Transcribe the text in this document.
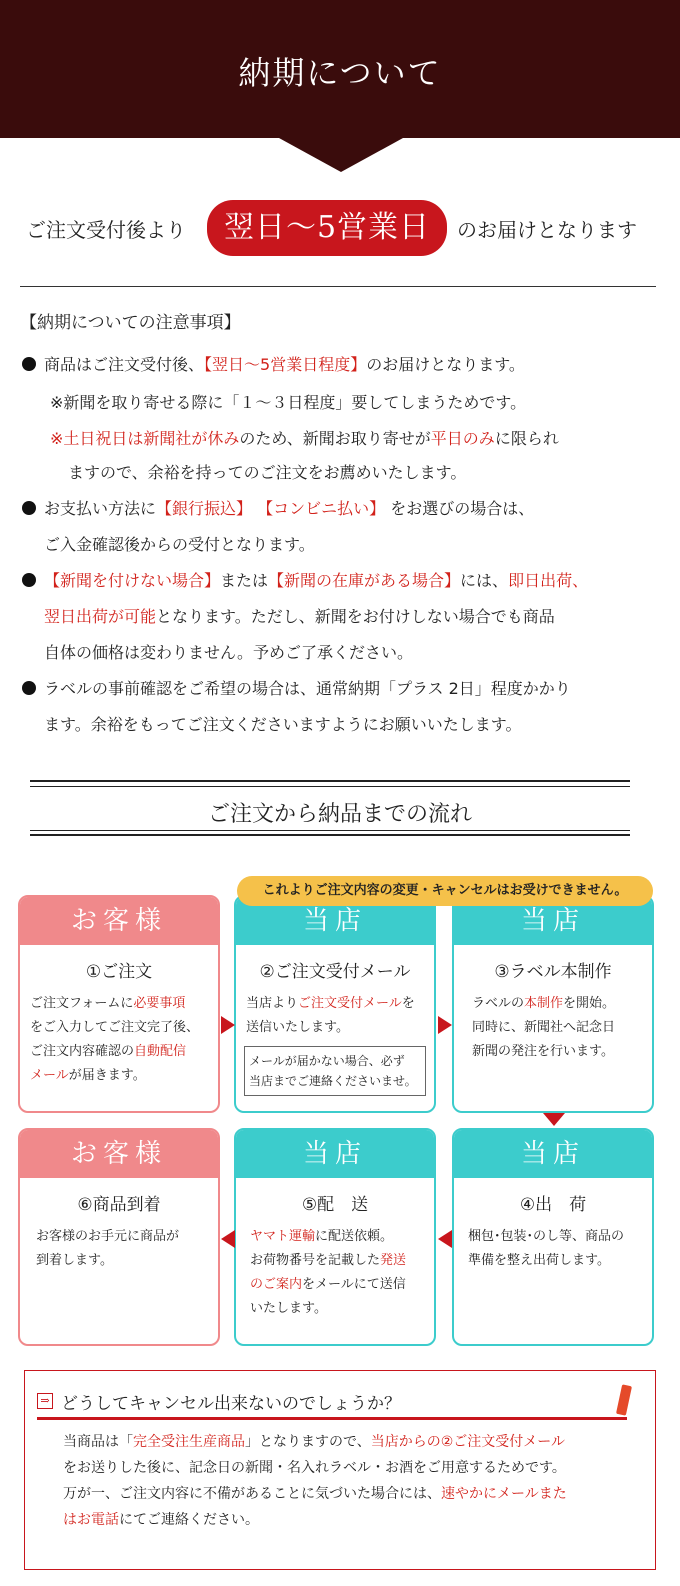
納期について
ご注文受付後より	翌日〜5営業日	のお届けとなります
【納期についての注意事項】
商品はご注文受付後、【翌日〜5営業日程度】のお届けとなります。
※新聞を取り寄せる際に「１〜３日程度」要してしまうためです。
※土日祝日は新聞社が休みのため、新聞お取り寄せが平日のみに限られ
ますので、余裕を持ってのご注文をお薦めいたします。
お支払い方法に【銀行振込】 【コンビニ払い】 をお選びの場合は、
ご入金確認後からの受付となります。
【新聞を付けない場合】または【新聞の在庫がある場合】には、即日出荷、
翌日出荷が可能となります。ただし、新聞をお付けしない場合でも商品
自体の価格は変わりません。予めご了承ください。
ラベルの事前確認をご希望の場合は、通常納期「プラス 2日」程度かかり
ます。余裕をもってご注文くださいますようにお願いいたします。
ご注文から納品までの流れ
お客様
①ご注文
ご注文フォームに必要事項
をご入力してご注文完了後、
ご注文内容確認の自動配信
メールが届きます。
当店
②ご注文受付メール
当店よりご注文受付メールを
送信いたします。
メールが届かない場合、必ず
当店までご連絡くださいませ。
当店
③ラベル本制作
ラベルの本制作を開始。
同時に、新聞社へ記念日
新聞の発注を行います。
これよりご注文内容の変更・キャンセルはお受けできません。
お客様
⑥商品到着
お客様のお手元に商品が
到着します。
当店
⑤配　送
ヤマト運輸に配送依頼。
お荷物番号を記載した発送
のご案内をメールにて送信
いたします。
当店
④出　荷
梱包･包装･のし等、商品の
準備を整え出荷します。
⇒ どうしてキャンセル出来ないのでしょうか？
当商品は「完全受注生産商品」となりますので、当店からの②ご注文受付メール
をお送りした後に、記念日の新聞・名入れラベル・お酒をご用意するためです。
万が一、ご注文内容に不備があることに気づいた場合には、速やかにメールまた
はお電話にてご連絡ください。
